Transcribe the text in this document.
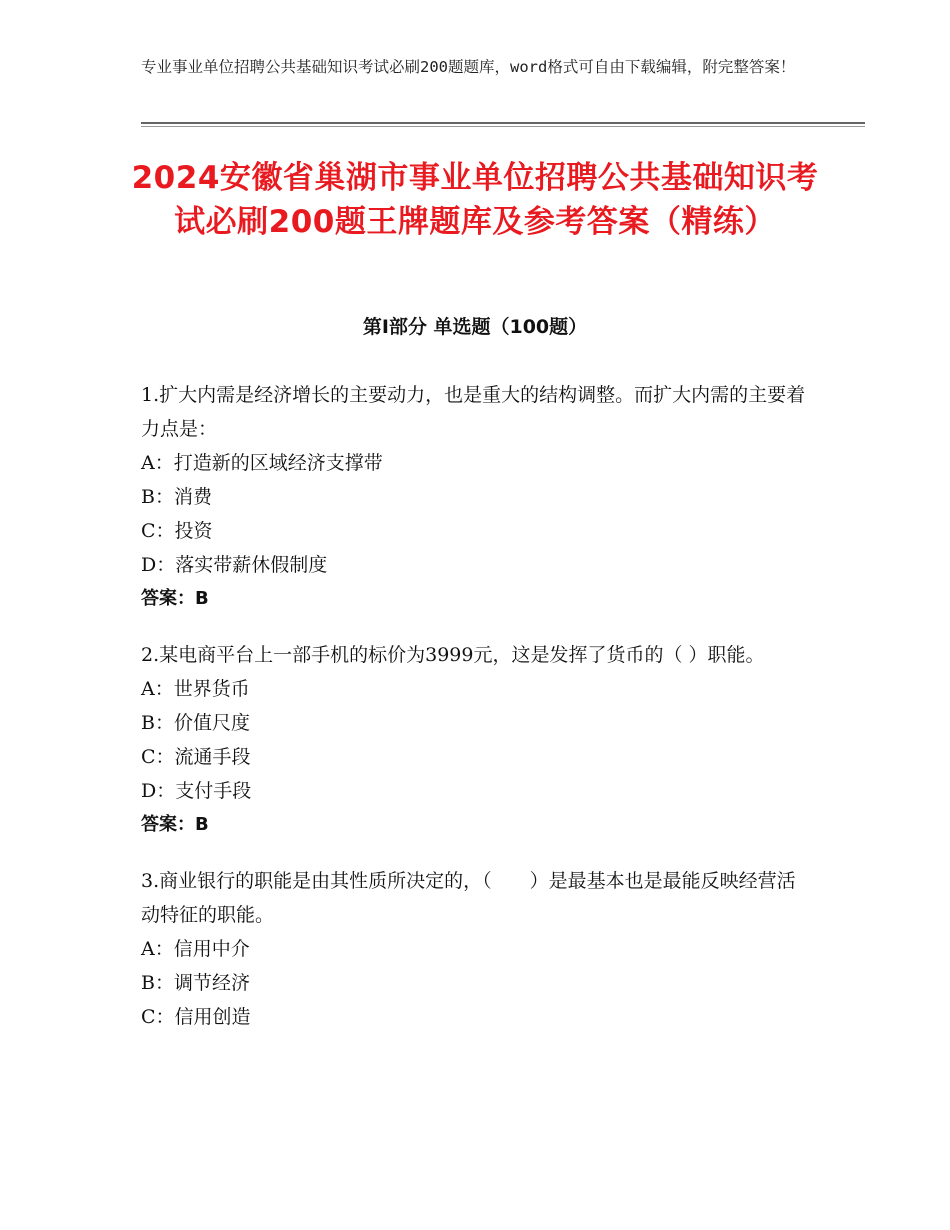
专业事业单位招聘公共基础知识考试必刷200题题库，word格式可自由下载编辑，附完整答案！
2024安徽省巢湖市事业单位招聘公共基础知识考试必刷200题王牌题库及参考答案（精练）
第Ⅰ部分 单选题（100题）

1.扩大内需是经济增长的主要动力，也是重大的结构调整。而扩大内需的主要着力点是：

A：打造新的区域经济支撑带

B：消费

C：投资

D：落实带薪休假制度

答案：B

2.某电商平台上一部手机的标价为3999元，这是发挥了货币的（ ）职能。

A：世界货币

B：价值尺度

C：流通手段

D：支付手段

答案：B

3.商业银行的职能是由其性质所决定的，（　　）是最基本也是最能反映经营活动特征的职能。

A：信用中介

B：调节经济

C：信用创造
